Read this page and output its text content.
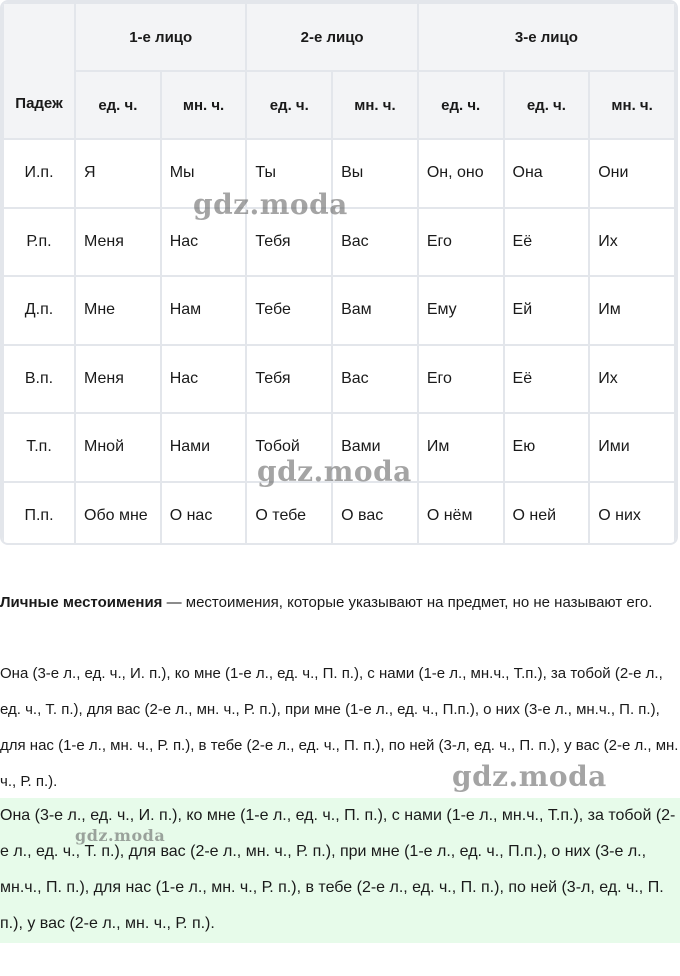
Падеж	1-е лицо		2-е лицо		3-е лицо		
	ед. ч.	мн. ч.	ед. ч.	мн. ч.	ед. ч.	ед. ч.	мн. ч.
И.п.	Я	Мы	Ты	Вы	Он, оно	Она	Они
Р.п.	Меня	Нас	Тебя	Вас	Его	Её	Их
Д.п.	Мне	Нам	Тебе	Вам	Ему	Ей	Им
В.п.	Меня	Нас	Тебя	Вас	Его	Её	Их
Т.п.	Мной	Нами	Тобой	Вами	Им	Ею	Ими
П.п.	Обо мне	О нас	О тебе	О вас	О нём	О ней	О них
Личные местоимения — местоимения, которые указывают на предмет, но не называют его.
Она (3-е л., ед. ч., И. п.), ко мне (1-е л., ед. ч., П. п.), с нами (1-е л., мн.ч., Т.п.), за тобой (2-е л., ед. ч., Т. п.), для вас (2-е л., мн. ч., Р. п.), при мне (1-е л., ед. ч., П.п.), о них (3-е л., мн.ч., П. п.), для нас (1-е л., мн. ч., Р. п.), в тебе (2-е л., ед. ч., П. п.), по ней (3-л, ед. ч., П. п.), у вас (2-е л., мн. ч., Р. п.).
Она (3-е л., ед. ч., И. п.), ко мне (1-е л., ед. ч., П. п.), с нами (1-е л., мн.ч., Т.п.), за тобой (2-е л., ед. ч., Т. п.), для вас (2-е л., мн. ч., Р. п.), при мне (1-е л., ед. ч., П.п.), о них (3-е л., мн.ч., П. п.), для нас (1-е л., мн. ч., Р. п.), в тебе (2-е л., ед. ч., П. п.), по ней (3-л, ед. ч., П. п.), у вас (2-е л., мн. ч., Р. п.).
gdz.moda
gdz.moda
gdz.moda
gdz.moda
